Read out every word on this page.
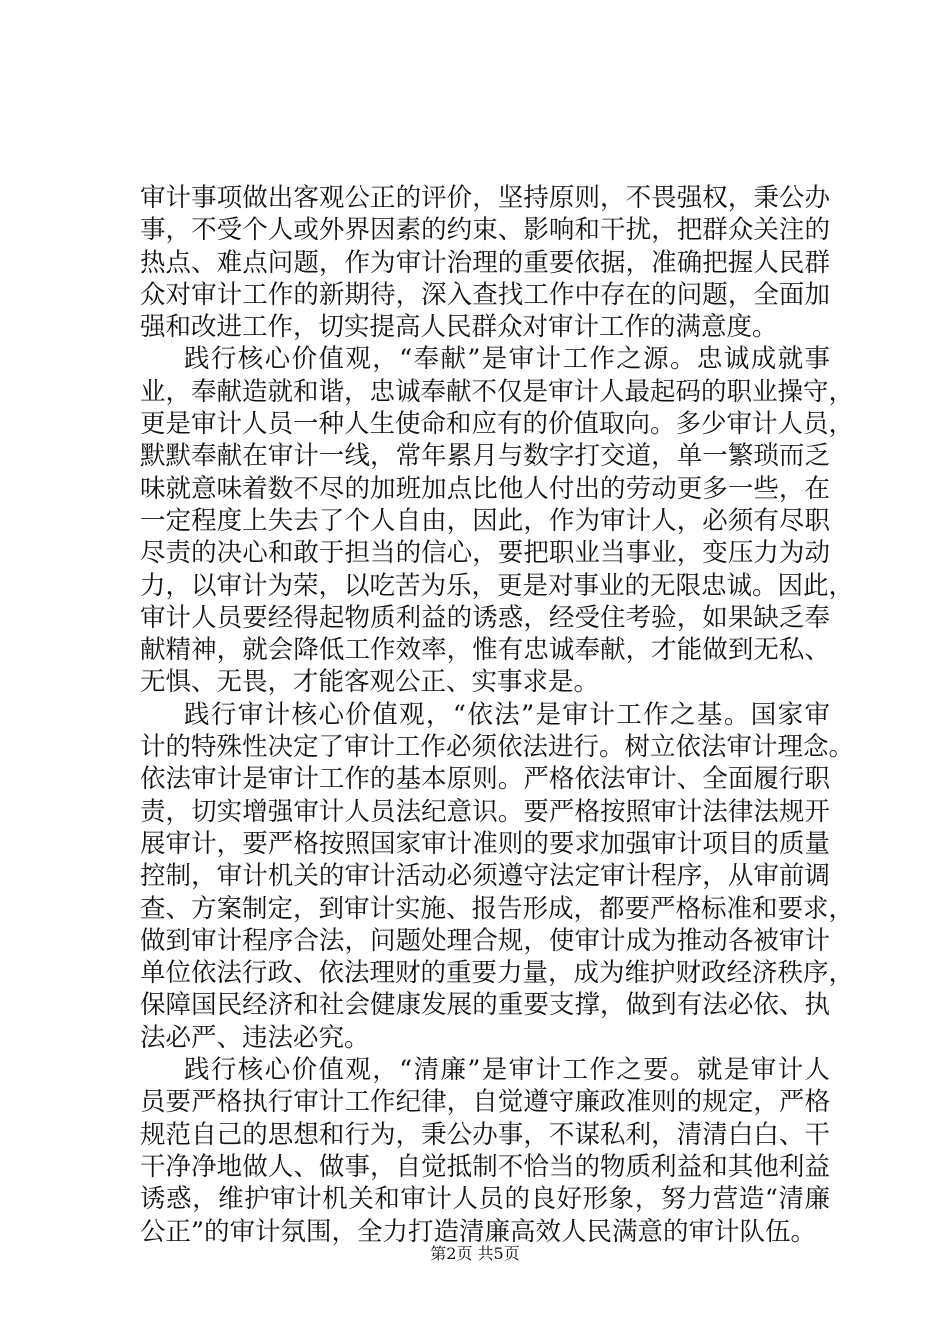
审计事项做出客观公正的评价，坚持原则，不畏强权，秉公办
事，不受个人或外界因素的约束、影响和干扰，把群众关注的
热点、难点问题，作为审计治理的重要依据，准确把握人民群
众对审计工作的新期待，深入查找工作中存在的问题，全面加
强和改进工作，切实提高人民群众对审计工作的满意度。
践行核心价值观，“奉献”是审计工作之源。忠诚成就事
业，奉献造就和谐，忠诚奉献不仅是审计人最起码的职业操守，
更是审计人员一种人生使命和应有的价值取向。多少审计人员，
默默奉献在审计一线，常年累月与数字打交道，单一繁琐而乏
味就意味着数不尽的加班加点比他人付出的劳动更多一些，在
一定程度上失去了个人自由，因此，作为审计人，必须有尽职
尽责的决心和敢于担当的信心，要把职业当事业，变压力为动
力，以审计为荣，以吃苦为乐，更是对事业的无限忠诚。因此，
审计人员要经得起物质利益的诱惑，经受住考验，如果缺乏奉
献精神，就会降低工作效率，惟有忠诚奉献，才能做到无私、
无惧、无畏，才能客观公正、实事求是。
践行审计核心价值观，“依法”是审计工作之基。国家审
计的特殊性决定了审计工作必须依法进行。树立依法审计理念。
依法审计是审计工作的基本原则。严格依法审计、全面履行职
责，切实增强审计人员法纪意识。要严格按照审计法律法规开
展审计，要严格按照国家审计准则的要求加强审计项目的质量
控制，审计机关的审计活动必须遵守法定审计程序，从审前调
查、方案制定，到审计实施、报告形成，都要严格标准和要求，
做到审计程序合法，问题处理合规，使审计成为推动各被审计
单位依法行政、依法理财的重要力量，成为维护财政经济秩序，
保障国民经济和社会健康发展的重要支撑，做到有法必依、执
法必严、违法必究。
践行核心价值观，“清廉”是审计工作之要。就是审计人
员要严格执行审计工作纪律，自觉遵守廉政准则的规定，严格
规范自己的思想和行为，秉公办事，不谋私利，清清白白、干
干净净地做人、做事，自觉抵制不恰当的物质利益和其他利益
诱惑，维护审计机关和审计人员的良好形象，努力营造“清廉
公正”的审计氛围，全力打造清廉高效人民满意的审计队伍。
第2页 共5页
